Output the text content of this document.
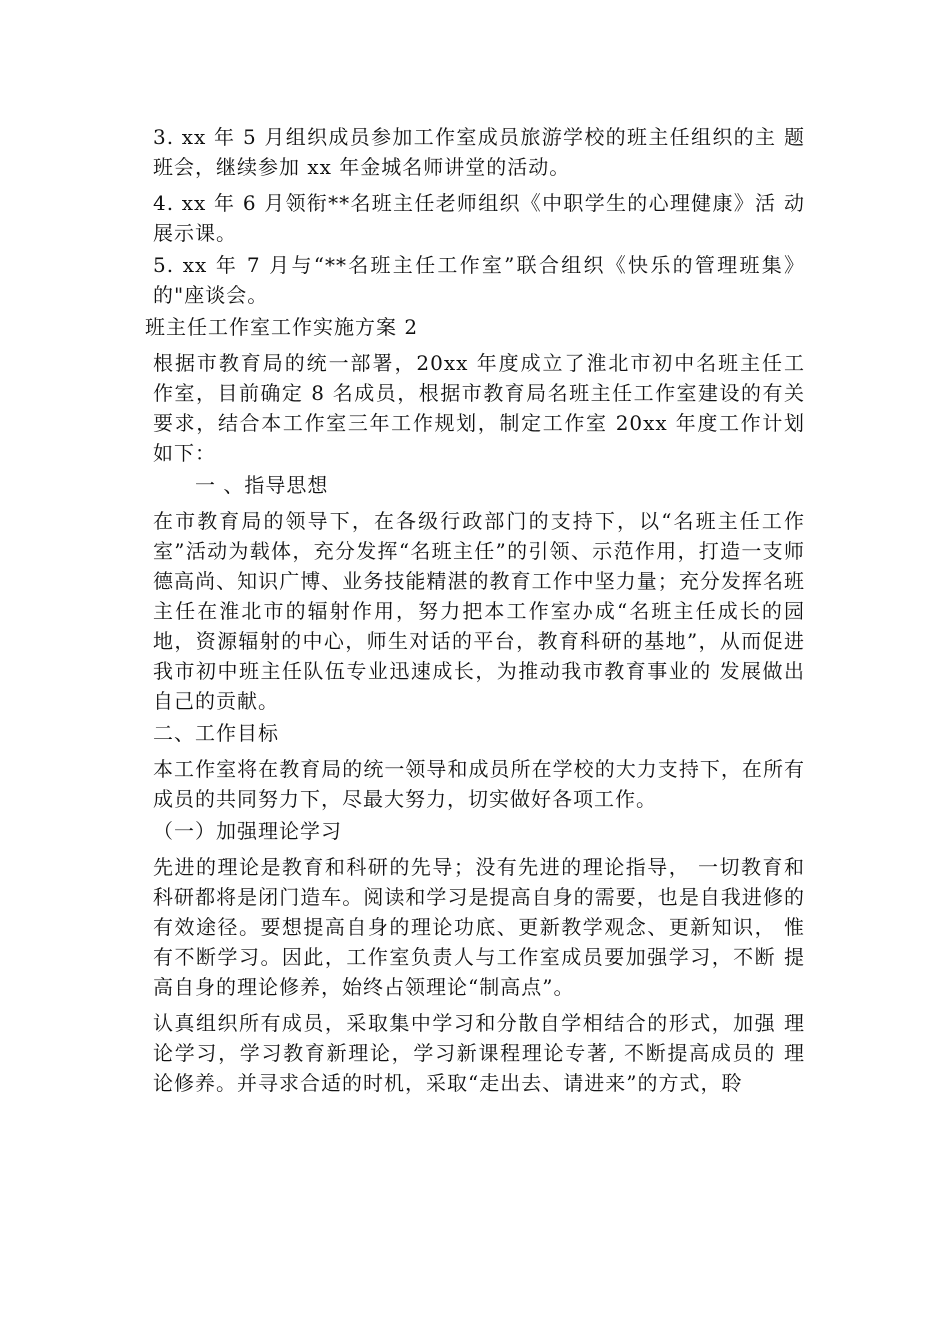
3. xx 年 5 月组织成员参加工作室成员旅游学校的班主任组织的主 题班会，继续参加 xx 年金城名师讲堂的活动。

4. xx 年 6 月领衔**名班主任老师组织《中职学生的心理健康》活 动展示课。

5. xx 年 7 月与“**名班主任工作室”联合组织《快乐的管理班集》 的"座谈会。

班主任工作室工作实施方案 2

根据市教育局的统一部署，20xx 年度成立了淮北市初中名班主任工 作室，目前确定 8 名成员，根据市教育局名班主任工作室建设的有关 要求，结合本工作室三年工作规划，制定工作室 20xx 年度工作计划 如下：

一 、指导思想

在市教育局的领导下，在各级行政部门的支持下，以“名班主任工作室”活动为载体，充分发挥“名班主任”的引领、示范作用，打造一支师德高尚、知识广博、业务技能精湛的教育工作中坚力量；充分发挥名班主任在淮北市的辐射作用，努力把本工作室办成“名班主任成长的园地，资源辐射的中心，师生对话的平台，教育科研的基地”，从而促进我市初中班主任队伍专业迅速成长，为推动我市教育事业的 发展做出自己的贡献。

二、工作目标

本工作室将在教育局的统一领导和成员所在学校的大力支持下，在所有成员的共同努力下，尽最大努力，切实做好各项工作。

（一）加强理论学习

先进的理论是教育和科研的先导；没有先进的理论指导， 一切教育和科研都将是闭门造车。阅读和学习是提高自身的需要，也是自我进修的有效途径。要想提高自身的理论功底、更新教学观念、更新知识， 惟有不断学习。因此，工作室负责人与工作室成员要加强学习，不断 提高自身的理论修养，始终占领理论“制高点”。

认真组织所有成员，采取集中学习和分散自学相结合的形式，加强 理论学习，学习教育新理论，学习新课程理论专著, 不断提高成员的 理论修养。并寻求合适的时机，采取“走出去、请进来”的方式，聆
